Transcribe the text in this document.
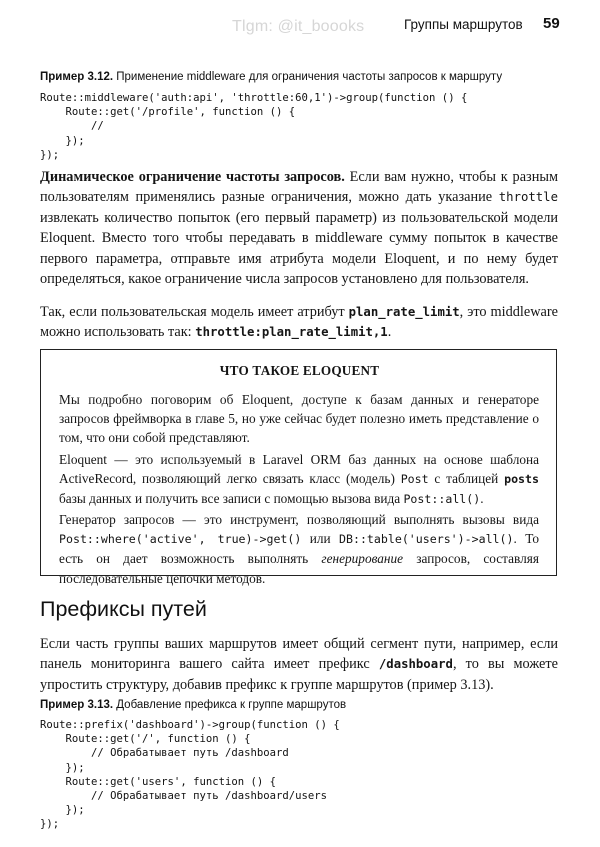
Tlgm: @it_boooks	Группы маршрутов 59
Пример 3.12. Применение middleware для ограничения частоты запросов к маршруту
Route::middleware('auth:api', 'throttle:60,1')->group(function () {
Route::get('/profile', function () {
//
});
});

Динамическое ограничение частоты запросов. Если вам нужно, чтобы к разным пользователям применялись разные ограничения, можно дать указание throttle извлекать количество попыток (его первый параметр) из пользовательской модели Eloquent. Вместо того чтобы передавать в middleware сумму попыток в качестве первого параметра, отправьте имя атрибута модели Eloquent, и по нему будет определяться, какое ограничение числа запросов установлено для пользователя.

Так, если пользовательская модель имеет атрибут plan_rate_limit, это middleware можно использовать так: throttle:plan_rate_limit,1.

ЧТО ТАКОЕ ELOQUENT

Мы подробно поговорим об Eloquent, доступе к базам данных и генераторе запросов фреймворка в главе 5, но уже сейчас будет полезно иметь представление о том, что они собой представляют.

Eloquent — это используемый в Laravel ORM баз данных на основе шаблона ActiveRecord, позволяющий легко связать класс (модель) Post с таблицей posts базы данных и получить все записи с помощью вызова вида Post::all().

Генератор запросов — это инструмент, позволяющий выполнять вызовы вида Post::where('active', true)->get() или DB::table('users')->all(). То есть он дает возможность выполнять генерирование запросов, составляя последовательные цепочки методов.

Префиксы путей

Если часть группы ваших маршрутов имеет общий сегмент пути, например, если панель мониторинга вашего сайта имеет префикс /dashboard, то вы можете упростить структуру, добавив префикс к группе маршрутов (пример 3.13).

Пример 3.13. Добавление префикса к группе маршрутов
Route::prefix('dashboard')->group(function () {
Route::get('/', function () {
// Обрабатывает путь /dashboard
});
Route::get('users', function () {
// Обрабатывает путь /dashboard/users
});
});
